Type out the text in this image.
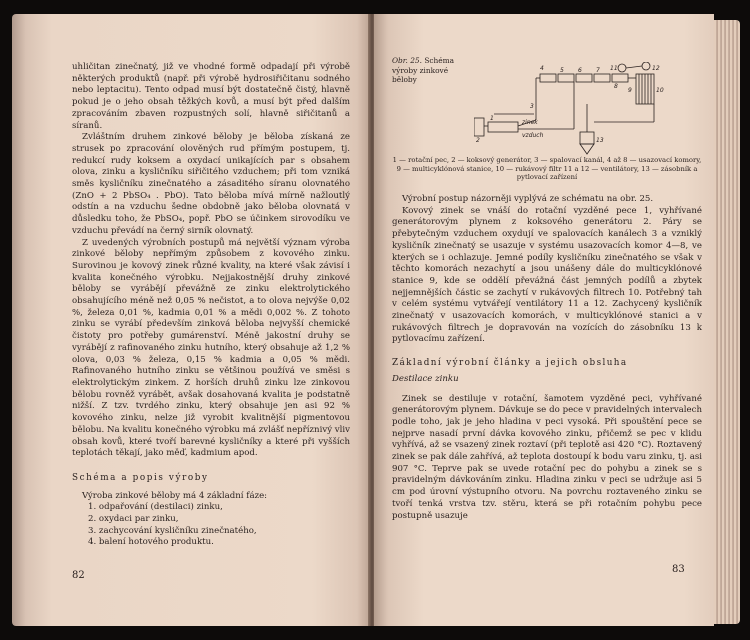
uhličitan zinečnatý, již ve vhodné formě odpadají při výrobě některých produktů (např. při výrobě hydrosiřičitanu sodného nebo leptacitu). Tento odpad musí být dostatečně čistý, hlavně pokud je o jeho obsah těžkých kovů, a musí být před dalším zpracováním zbaven rozpustných solí, hlavně siřičitanů a síranů.

Zvláštním druhem zinkové běloby je běloba získaná ze strusek po zpracování olověných rud přímým postupem, tj. redukcí rudy koksem a oxydací unikajících par s obsahem olova, zinku a kysličníku siřičitého vzduchem; při tom vzniká směs kysličníku zinečnatého a zásaditého síranu olovnatého (ZnO + 2 PbSO₄ . PbO). Tato běloba mívá mírně nažloutlý odstín a na vzduchu šedne obdobně jako běloba olovnatá v důsledku toho, že PbSO₄, popř. PbO se účinkem sirovodíku ve vzduchu převádí na černý sirník olovnatý.

Z uvedených výrobních postupů má největší význam výroba zinkové běloby nepřímým způsobem z kovového zinku. Surovinou je kovový zinek různé kvality, na které však závisí i kvalita konečného výrobku. Nejjakostnější druhy zinkové běloby se vyrábějí převážně ze zinku elektrolytického obsahujícího méně než 0,05 % nečistot, a to olova nejvýše 0,02 %, železa 0,01 %, kadmia 0,01 % a mědi 0,002 %. Z tohoto zinku se vyrábí především zinková běloba nejvyšší chemické čistoty pro potřeby gumárenství. Méně jakostní druhy se vyrábějí z rafinovaného zinku hutního, který obsahuje až 1,2 % olova, 0,03 % železa, 0,15 % kadmia a 0,05 % mědi. Rafinovaného hutního zinku se většinou používá ve směsi s elektrolytickým zinkem. Z horších druhů zinku lze zinkovou bělobu rovněž vyrábět, avšak dosahovaná kvalita je podstatně nižší. Z tzv. tvrdého zinku, který obsahuje jen asi 92 % kovového zinku, nelze již vyrobit kvalitnější pigmentovou bělobu. Na kvalitu konečného výrobku má zvlášť nepříznivý vliv obsah kovů, které tvoří barevné kysličníky a které při vyšších teplotách těkají, jako měď, kadmium apod.

Schéma a popis výroby

Výroba zinkové běloby má 4 základní fáze:

1. odpařování (destilaci) zinku,
2. oxydaci par zinku,
3. zachycování kysličníku zinečnatého,
4. balení hotového produktu.
82
Obr. 25. Schéma výroby zinkové běloby
4	5 6 7
8
9	10
11	12
2
1
3
13
zinek
vzduch
1 — rotační pec, 2 — koksový generátor, 3 — spalovací kanál, 4 až 8 — usazovací komory, 9 — multicyklónová stanice, 10 — rukávový filtr 11 a 12 — ventilátory, 13 — zásobník a pytlovací zařízení

Výrobní postup názorněji vyplývá ze schématu na obr. 25.

Kovový zinek se vnáší do rotační vyzděné pece 1, vyhřívané generátorovým plynem z koksového generátoru 2. Páry se přebytečným vzduchem oxydují ve spalovacích kanálech 3 a vzniklý kysličník zinečnatý se usazuje v systému usazovacích komor 4—8, ve kterých se i ochlazuje. Jemné podíly kysličníku zinečnatého se však v těchto komorách nezachytí a jsou unášeny dále do multicyklónové stanice 9, kde se oddělí převážná část jemných podílů a zbytek nejjemnějších částic se zachytí v rukávových filtrech 10. Potřebný tah v celém systému vytvářejí ventilátory 11 a 12. Zachycený kysličník zinečnatý v usazovacích komorách, v multicyklónové stanici a v rukávových filtrech je dopravován na vozících do zásobníku 13 k pytlovacímu zařízení.

Základní výrobní články a jejich obsluha
Destilace zinku

Zinek se destiluje v rotační, šamotem vyzděné peci, vyhřívané generátorovým plynem. Dávkuje se do pece v pravidelných intervalech podle toho, jak je jeho hladina v peci vysoká. Při spouštění pece se nejprve nasadí první dávka kovového zinku, přičemž se pec v klidu vyhřívá, až se vsazený zinek roztaví (při teplotě asi 420 °C). Roztavený zinek se pak dále zahřívá, až teplota dostoupí k bodu varu zinku, tj. asi 907 °C. Teprve pak se uvede rotační pec do pohybu a zinek se s pravidelným dávkováním zinku. Hladina zinku v peci se udržuje asi 5 cm pod úrovní výstupního otvoru. Na povrchu roztaveného zinku se tvoří tenká vrstva tzv. stěru, která se při rotačním pohybu pece postupně usazuje

83
